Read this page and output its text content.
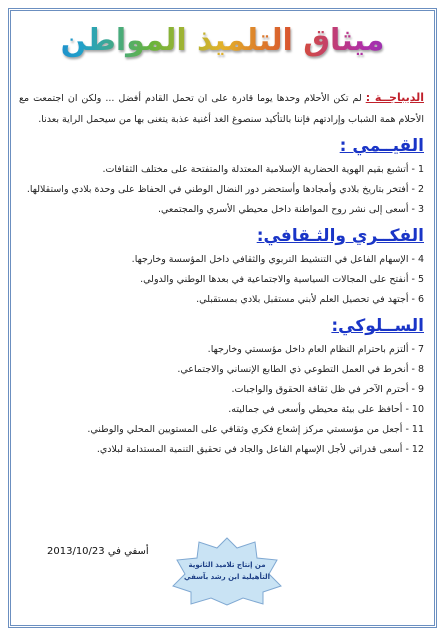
ميثاق التلميذ المواطن
الديباجــة : لم تكن الأحلام وحدها يوما قادرة على ان تحمل القادم أفضل ... ولكن ان اجتمعت مع الأحلام همة الشباب وإرادتهم فإننا بالتأكيد سنصوغ الغد أغنية عذبة يتغنى بها من سيحمل الراية بعدنا.
القيــمي :

1 - أتشبع بقيم الهوية الحضارية الإسلامية المعتدلة والمتفتحة على مختلف الثقافات.

2 - أفتخر بتاريخ بلادي وأمجادها وأستحضر دور النضال الوطني في الحفاظ على وحدة بلادي واستقلالها.

3 - أسعى إلى نشر روح المواطنة داخل محيطي الأسري والمجتمعي.

الفكــري والثـقافي:

4 - الإسهام الفاعل في التنشيط التربوي والثقافي داخل المؤسسة وخارجها.

5 - أنفتح على المجالات السياسية والاجتماعية في بعدها الوطني والدولي.

6 - أجتهد في تحصيل العلم لأبني مستقبل بلادي بمستقبلي.

الســلوكي:

7 - ألتزم باحترام النظام العام داخل مؤسستي وخارجها.

8 - أنخرط في العمل التطوعي ذي الطابع الإنساني والاجتماعي.

9 - أحترم الآخر في ظل ثقافة الحقوق والواجبات.

10 - أحافظ على بيئة محيطي وأسعى في جماليته.

11 - أجعل من مؤسستي مركز إشعاع فكري وثقافي على المستويين المحلي والوطني.

12 - أسعى قدراتي لأجل الإسهام الفاعل والجاد في تحقيق التنمية المستدامة لبلادي.

أسفي في 2013/10/23
من إنتاج تلاميذ الثانوية
التأهيلية ابن رشد بآسفي
